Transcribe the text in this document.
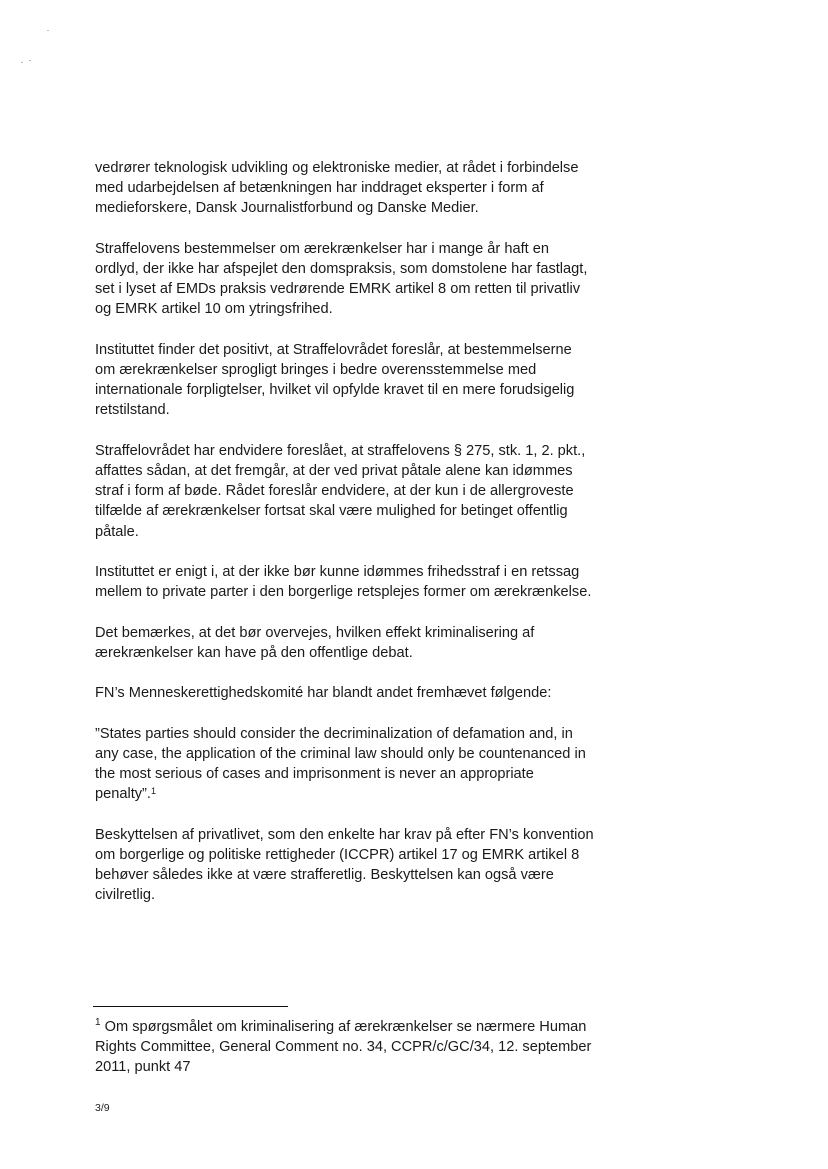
vedrører teknologisk udvikling og elektroniske medier, at rådet i forbindelse med udarbejdelsen af betænkningen har inddraget eksperter i form af medieforskere, Dansk Journalistforbund og Danske Medier.

Straffelovens bestemmelser om ærekrænkelser har i mange år haft en ordlyd, der ikke har afspejlet den domspraksis, som domstolene har fastlagt, set i lyset af EMDs praksis vedrørende EMRK artikel 8 om retten til privatliv og EMRK artikel 10 om ytringsfrihed.

Instituttet finder det positivt, at Straffelovrådet foreslår, at bestemmelserne om ærekrænkelser sprogligt bringes i bedre overensstemmelse med internationale forpligtelser, hvilket vil opfylde kravet til en mere forudsigelig retstilstand.

Straffelovrådet har endvidere foreslået, at straffelovens § 275, stk. 1, 2. pkt., affattes sådan, at det fremgår, at der ved privat påtale alene kan idømmes straf i form af bøde. Rådet foreslår endvidere, at der kun i de allergroveste tilfælde af ærekrænkelser fortsat skal være mulighed for betinget offentlig påtale.

Instituttet er enigt i, at der ikke bør kunne idømmes frihedsstraf i en retssag mellem to private parter i den borgerlige retsplejes former om ærekrænkelse.

Det bemærkes, at det bør overvejes, hvilken effekt kriminalisering af ærekrænkelser kan have på den offentlige debat.

FN’s Menneskerettighedskomité har blandt andet fremhævet følgende:

”States parties should consider the decriminalization of defamation and, in any case, the application of the criminal law should only be countenanced in the most serious of cases and imprisonment is never an appropriate penalty”.$^1$

Beskyttelsen af privatlivet, som den enkelte har krav på efter FN’s konvention om borgerlige og politiske rettigheder (ICCPR) artikel 17 og EMRK artikel 8 behøver således ikke at være strafferetlig. Beskyttelsen kan også være civilretlig.

$^1$ Om spørgsmålet om kriminalisering af ærekrænkelser se nærmere Human Rights Committee, General Comment no. 34, CCPR/c/GC/34, 12. september 2011, punkt 47
3/9
